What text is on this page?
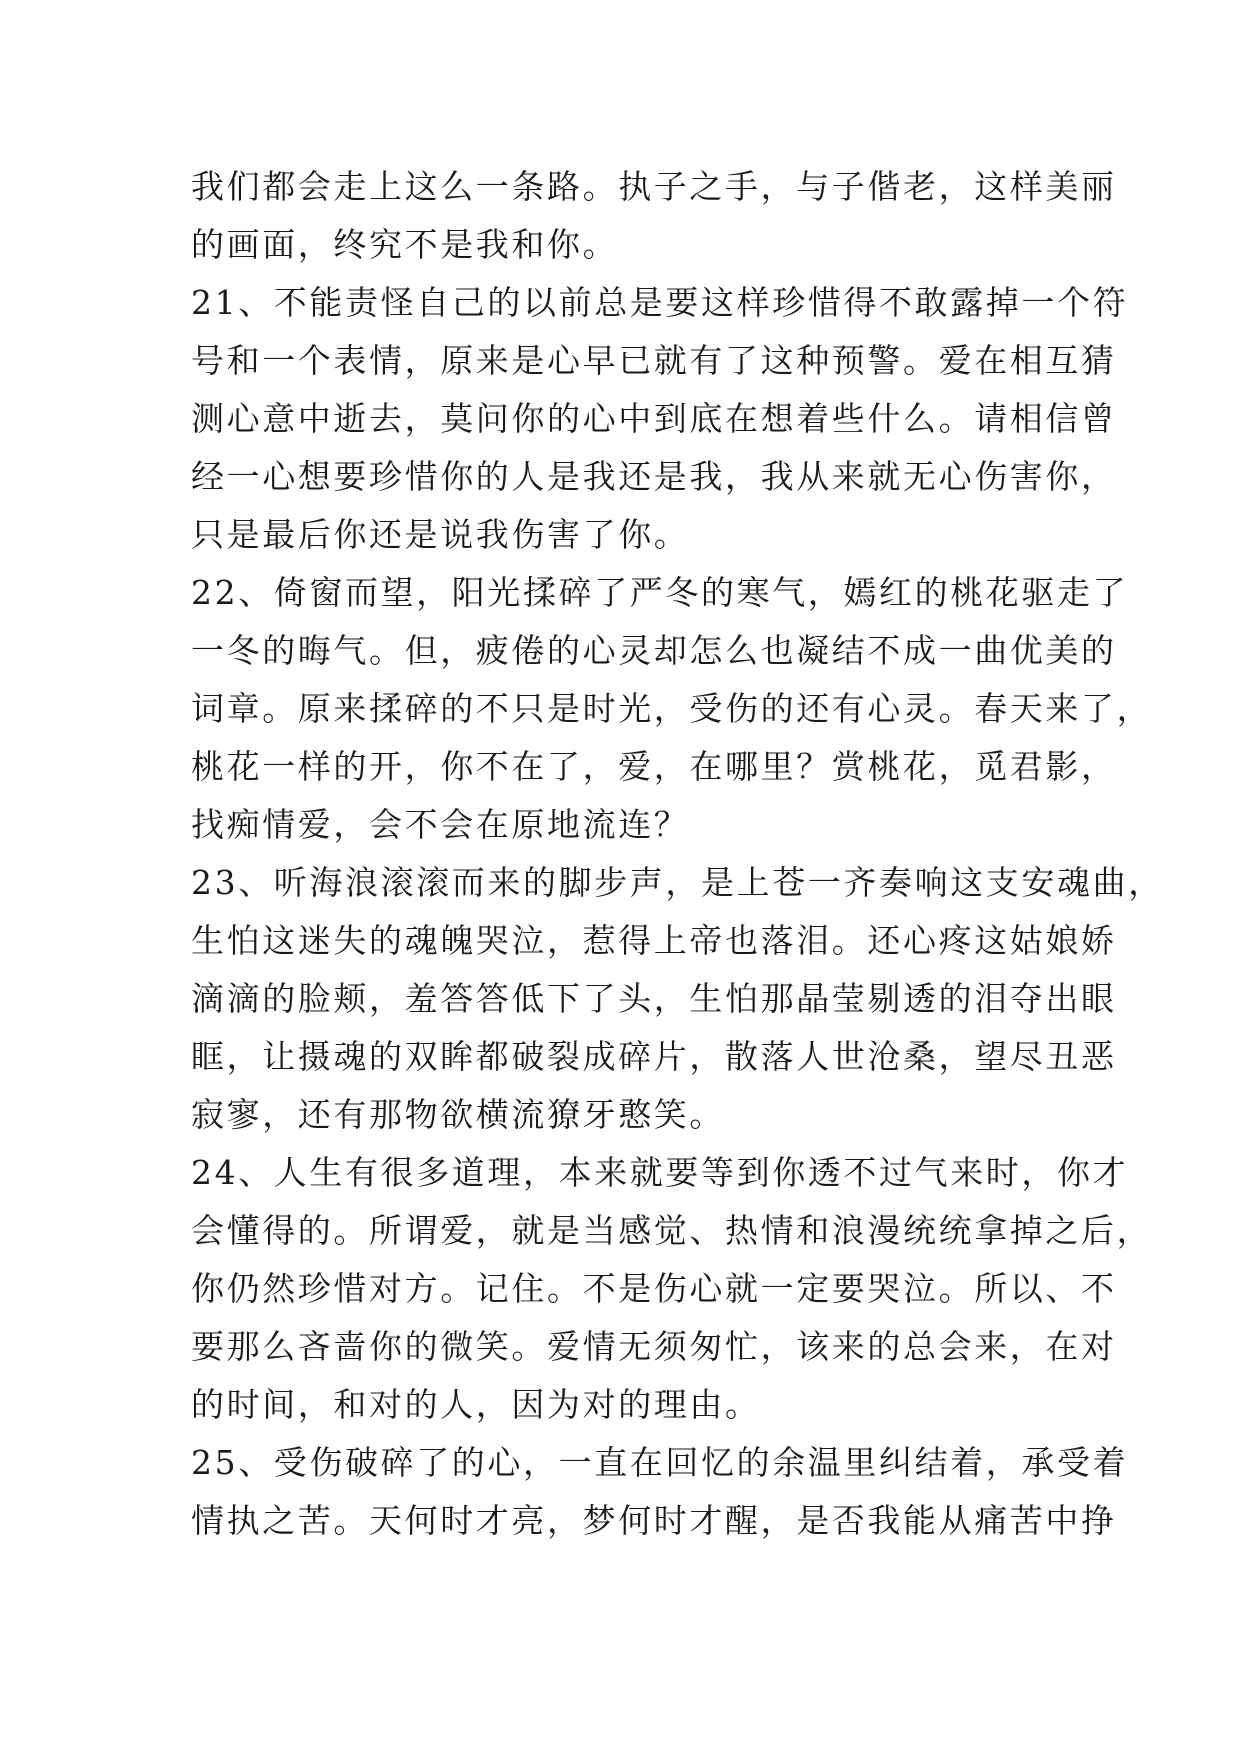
我们都会走上这么一条路。执子之手，与子偕老，这样美丽
的画面，终究不是我和你。
21、不能责怪自己的以前总是要这样珍惜得不敢露掉一个符
号和一个表情，原来是心早已就有了这种预警。爱在相互猜
测心意中逝去，莫问你的心中到底在想着些什么。请相信曾
经一心想要珍惜你的人是我还是我，我从来就无心伤害你，
只是最后你还是说我伤害了你。
22、倚窗而望，阳光揉碎了严冬的寒气，嫣红的桃花驱走了
一冬的晦气。但，疲倦的心灵却怎么也凝结不成一曲优美的
词章。原来揉碎的不只是时光，受伤的还有心灵。春天来了，
桃花一样的开，你不在了，爱，在哪里？赏桃花，觅君影，
找痴情爱，会不会在原地流连？
23、听海浪滚滚而来的脚步声，是上苍一齐奏响这支安魂曲，
生怕这迷失的魂魄哭泣，惹得上帝也落泪。还心疼这姑娘娇
滴滴的脸颊，羞答答低下了头，生怕那晶莹剔透的泪夺出眼
眶，让摄魂的双眸都破裂成碎片，散落人世沧桑，望尽丑恶
寂寥，还有那物欲横流獠牙憨笑。
24、人生有很多道理，本来就要等到你透不过气来时，你才
会懂得的。所谓爱，就是当感觉、热情和浪漫统统拿掉之后，
你仍然珍惜对方。记住。不是伤心就一定要哭泣。所以、不
要那么吝啬你的微笑。爱情无须匆忙，该来的总会来，在对
的时间，和对的人，因为对的理由。
25、受伤破碎了的心，一直在回忆的余温里纠结着，承受着
情执之苦。天何时才亮，梦何时才醒，是否我能从痛苦中挣
